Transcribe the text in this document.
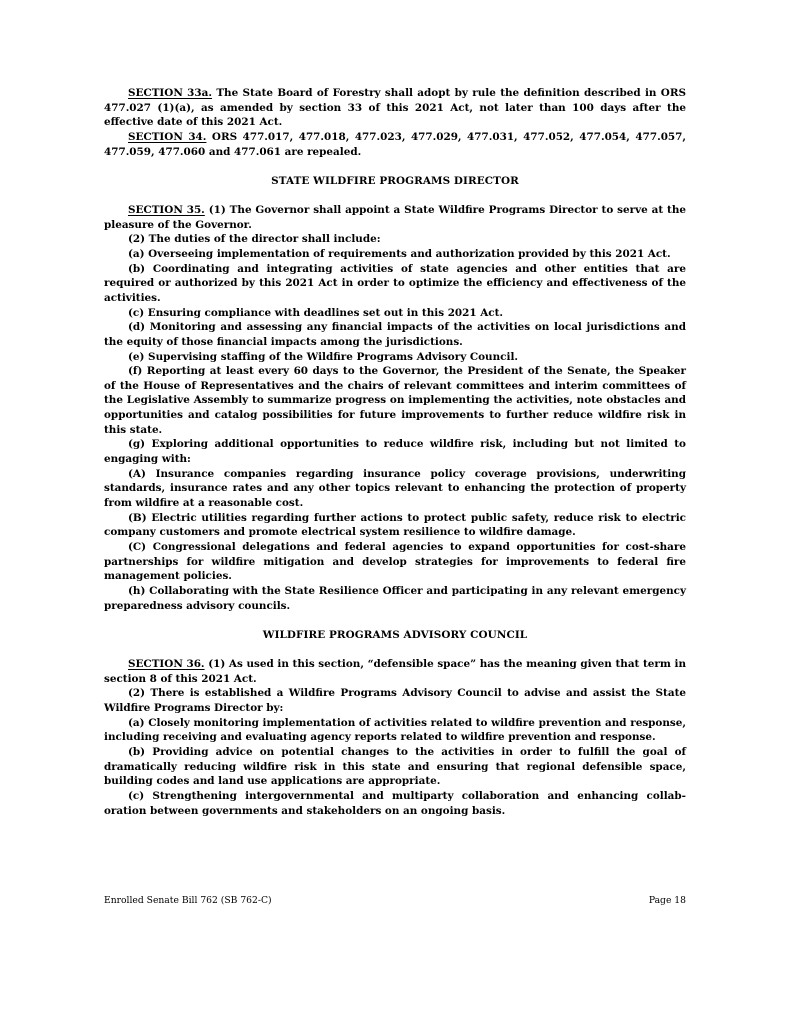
SECTION 33a. The State Board of Forestry shall adopt by rule the definition described in ORS 477.027 (1)(a), as amended by section 33 of this 2021 Act, not later than 100 days after the effective date of this 2021 Act.

SECTION 34. ORS 477.017, 477.018, 477.023, 477.029, 477.031, 477.052, 477.054, 477.057, 477.059, 477.060 and 477.061 are repealed.

STATE WILDFIRE PROGRAMS DIRECTOR

SECTION 35. (1) The Governor shall appoint a State Wildfire Programs Director to serve at the pleasure of the Governor.

(2) The duties of the director shall include:

(a) Overseeing implementation of requirements and authorization provided by this 2021 Act.

(b) Coordinating and integrating activities of state agencies and other entities that are required or authorized by this 2021 Act in order to optimize the efficiency and effectiveness of the activities.

(c) Ensuring compliance with deadlines set out in this 2021 Act.

(d) Monitoring and assessing any financial impacts of the activities on local jurisdictions and the equity of those financial impacts among the jurisdictions.

(e) Supervising staffing of the Wildfire Programs Advisory Council.

(f) Reporting at least every 60 days to the Governor, the President of the Senate, the Speaker of the House of Representatives and the chairs of relevant committees and interim committees of the Legislative Assembly to summarize progress on implementing the activities, note obstacles and opportunities and catalog possibilities for future improvements to further reduce wildfire risk in this state.

(g) Exploring additional opportunities to reduce wildfire risk, including but not limited to engaging with:

(A) Insurance companies regarding insurance policy coverage provisions, underwriting standards, insurance rates and any other topics relevant to enhancing the protection of property from wildfire at a reasonable cost.

(B) Electric utilities regarding further actions to protect public safety, reduce risk to electric company customers and promote electrical system resilience to wildfire damage.

(C) Congressional delegations and federal agencies to expand opportunities for cost-share partnerships for wildfire mitigation and develop strategies for improvements to federal fire management policies.

(h) Collaborating with the State Resilience Officer and participating in any relevant emergency preparedness advisory councils.

WILDFIRE PROGRAMS ADVISORY COUNCIL

SECTION 36. (1) As used in this section, “defensible space” has the meaning given that term in section 8 of this 2021 Act.

(2) There is established a Wildfire Programs Advisory Council to advise and assist the State Wildfire Programs Director by:

(a) Closely monitoring implementation of activities related to wildfire prevention and response, including receiving and evaluating agency reports related to wildfire prevention and response.

(b) Providing advice on potential changes to the activities in order to fulfill the goal of dramatically reducing wildfire risk in this state and ensuring that regional defensible space, building codes and land use applications are appropriate.

(c) Strengthening intergovernmental and multiparty collaboration and enhancing collaboration between governments and stakeholders on an ongoing basis.

Enrolled Senate Bill 762 (SB 762-C)	Page 18
